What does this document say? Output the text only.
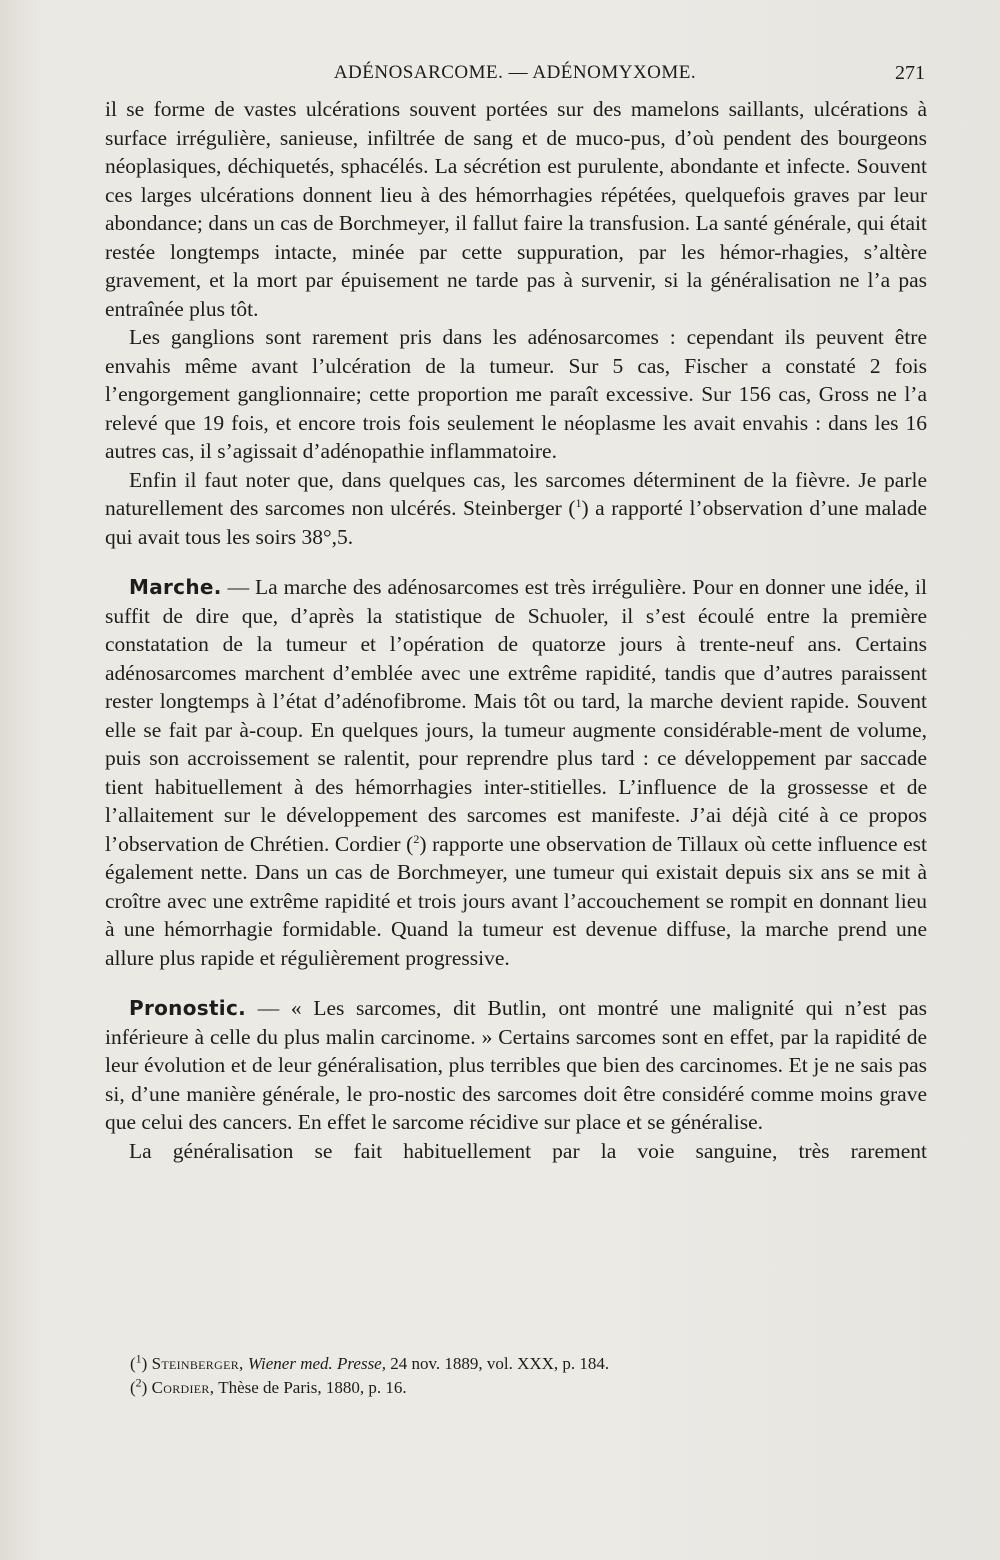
ADÉNOSARCOME. — ADÉNOMYXOME.	271

il se forme de vastes ulcérations souvent portées sur des mamelons saillants, ulcérations à surface irrégulière, sanieuse, infiltrée de sang et de muco-pus, d’où pendent des bourgeons néoplasiques, déchiquetés, sphacélés. La sécrétion est purulente, abondante et infecte. Souvent ces larges ulcérations donnent lieu à des hémorrhagies répétées, quelquefois graves par leur abondance; dans un cas de Borchmeyer, il fallut faire la transfusion. La santé générale, qui était restée longtemps intacte, minée par cette suppuration, par les hémor-rhagies, s’altère gravement, et la mort par épuisement ne tarde pas à survenir, si la généralisation ne l’a pas entraînée plus tôt.

Les ganglions sont rarement pris dans les adénosarcomes : cependant ils peuvent être envahis même avant l’ulcération de la tumeur. Sur 5 cas, Fischer a constaté 2 fois l’engorgement ganglionnaire; cette proportion me paraît excessive. Sur 156 cas, Gross ne l’a relevé que 19 fois, et encore trois fois seulement le néoplasme les avait envahis : dans les 16 autres cas, il s’agissait d’adénopathie inflammatoire.

Enfin il faut noter que, dans quelques cas, les sarcomes déterminent de la fièvre. Je parle naturellement des sarcomes non ulcérés. Steinberger ($^1$) a rapporté l’observation d’une malade qui avait tous les soirs 38°,5.

Marche. — La marche des adénosarcomes est très irrégulière. Pour en donner une idée, il suffit de dire que, d’après la statistique de Schuoler, il s’est écoulé entre la première constatation de la tumeur et l’opération de quatorze jours à trente-neuf ans. Certains adénosarcomes marchent d’emblée avec une extrême rapidité, tandis que d’autres paraissent rester longtemps à l’état d’adénofibrome. Mais tôt ou tard, la marche devient rapide. Souvent elle se fait par à-coup. En quelques jours, la tumeur augmente considérable-ment de volume, puis son accroissement se ralentit, pour reprendre plus tard : ce développement par saccade tient habituellement à des hémorrhagies inter-stitielles. L’influence de la grossesse et de l’allaitement sur le développement des sarcomes est manifeste. J’ai déjà cité à ce propos l’observation de Chrétien. Cordier ($^2$) rapporte une observation de Tillaux où cette influence est également nette. Dans un cas de Borchmeyer, une tumeur qui existait depuis six ans se mit à croître avec une extrême rapidité et trois jours avant l’accouchement se rompit en donnant lieu à une hémorrhagie formidable. Quand la tumeur est devenue diffuse, la marche prend une allure plus rapide et régulièrement progressive.

Pronostic. — « Les sarcomes, dit Butlin, ont montré une malignité qui n’est pas inférieure à celle du plus malin carcinome. » Certains sarcomes sont en effet, par la rapidité de leur évolution et de leur généralisation, plus terribles que bien des carcinomes. Et je ne sais pas si, d’une manière générale, le pro-nostic des sarcomes doit être considéré comme moins grave que celui des cancers. En effet le sarcome récidive sur place et se généralise.

La généralisation se fait habituellement par la voie sanguine, très rarement

($^1$) Steinberger, Wiener med. Presse, 24 nov. 1889, vol. XXX, p. 184.

($^2$) Cordier, Thèse de Paris, 1880, p. 16.
